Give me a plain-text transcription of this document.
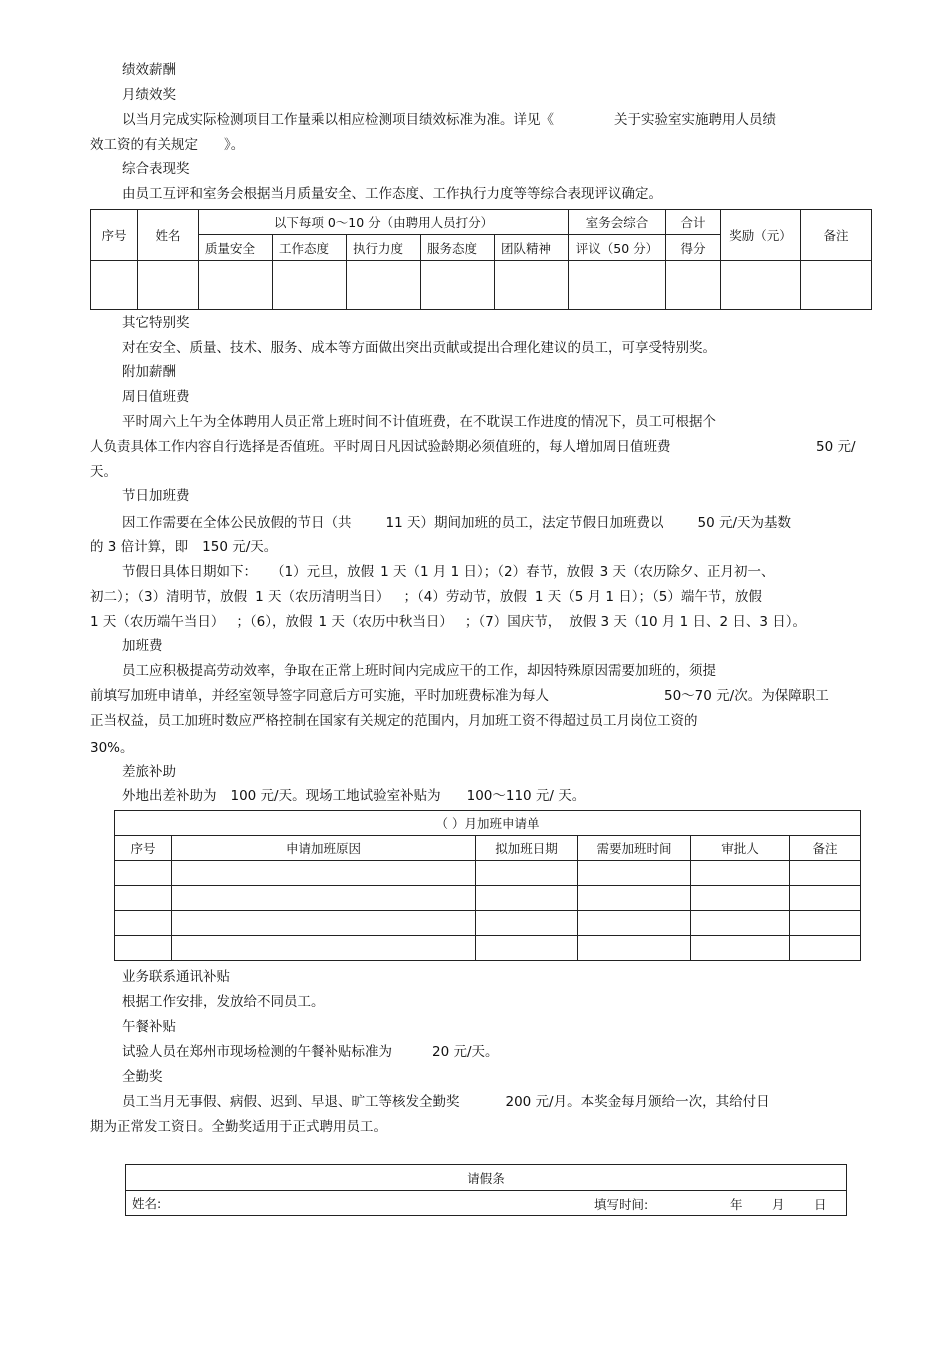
绩效薪酬
月绩效奖
以当月完成实际检测项目工作量乘以相应检测项目绩效标准为准。详见《	关于实验室实施聘用人员绩
效工资的有关规定 》。
综合表现奖
由员工互评和室务会根据当月质量安全、工作态度、工作执行力度等等综合表现评议确定。
序号	姓名	以下每项 0～10 分（由聘用人员打分）					室务会综合	合计	奖励（元）	备注
		质量安全	工作态度	执行力度	服务态度	团队精神	评议（50 分）	得分		

其它特别奖
对在安全、质量、技术、服务、成本等方面做出突出贡献或提出合理化建议的员工，可享受特别奖。
附加薪酬
周日值班费
平时周六上午为全体聘用人员正常上班时间不计值班费，在不耽误工作进度的情况下，员工可根据个
人负责具体工作内容自行选择是否值班。平时周日凡因试验龄期必须值班的，每人增加周日值班费	50 元/
天。
节日加班费
因工作需要在全体公民放假的节日（共	11 天）期间加班的员工，法定节假日加班费以	50 元/天为基数
的 3 倍计算，即 150 元/天。
节假日具体日期如下： （1）元旦，放假 1 天（1 月 1 日）；（2）春节，放假 3 天（农历除夕、正月初一、
初二）；（3）清明节，放假 1 天（农历清明当日） ；（4）劳动节，放假 1 天（5 月 1 日）；（5）端午节，放假
1 天（农历端午当日） ；（6），放假 1 天（农历中秋当日） ；（7）国庆节， 放假 3 天（10 月 1 日、2 日、3 日）。
加班费
员工应积极提高劳动效率，争取在正常上班时间内完成应干的工作，却因特殊原因需要加班的，须提
前填写加班申请单，并经室领导签字同意后方可实施，平时加班费标准为每人	50～70 元/次。为保障职工
正当权益，员工加班时数应严格控制在国家有关规定的范围内，月加班工资不得超过员工月岗位工资的
30%。
差旅补助
外地出差补助为 100 元/天。现场工地试验室补贴为 100～110 元/ 天。
（ ）月加班申请单					
序号	申请加班原因	拟加班日期	需要加班时间	审批人	备注

业务联系通讯补贴
根据工作安排，发放给不同员工。
午餐补贴
试验人员在郑州市现场检测的午餐补贴标准为	20 元/天。
全勤奖
员工当月无事假、病假、迟到、早退、旷工等核发全勤奖	200 元/月。本奖金每月颁给一次，其给付日
期为正常发工资日。全勤奖适用于正式聘用员工。
请假条
姓名:	填写时间:	年 月 日
